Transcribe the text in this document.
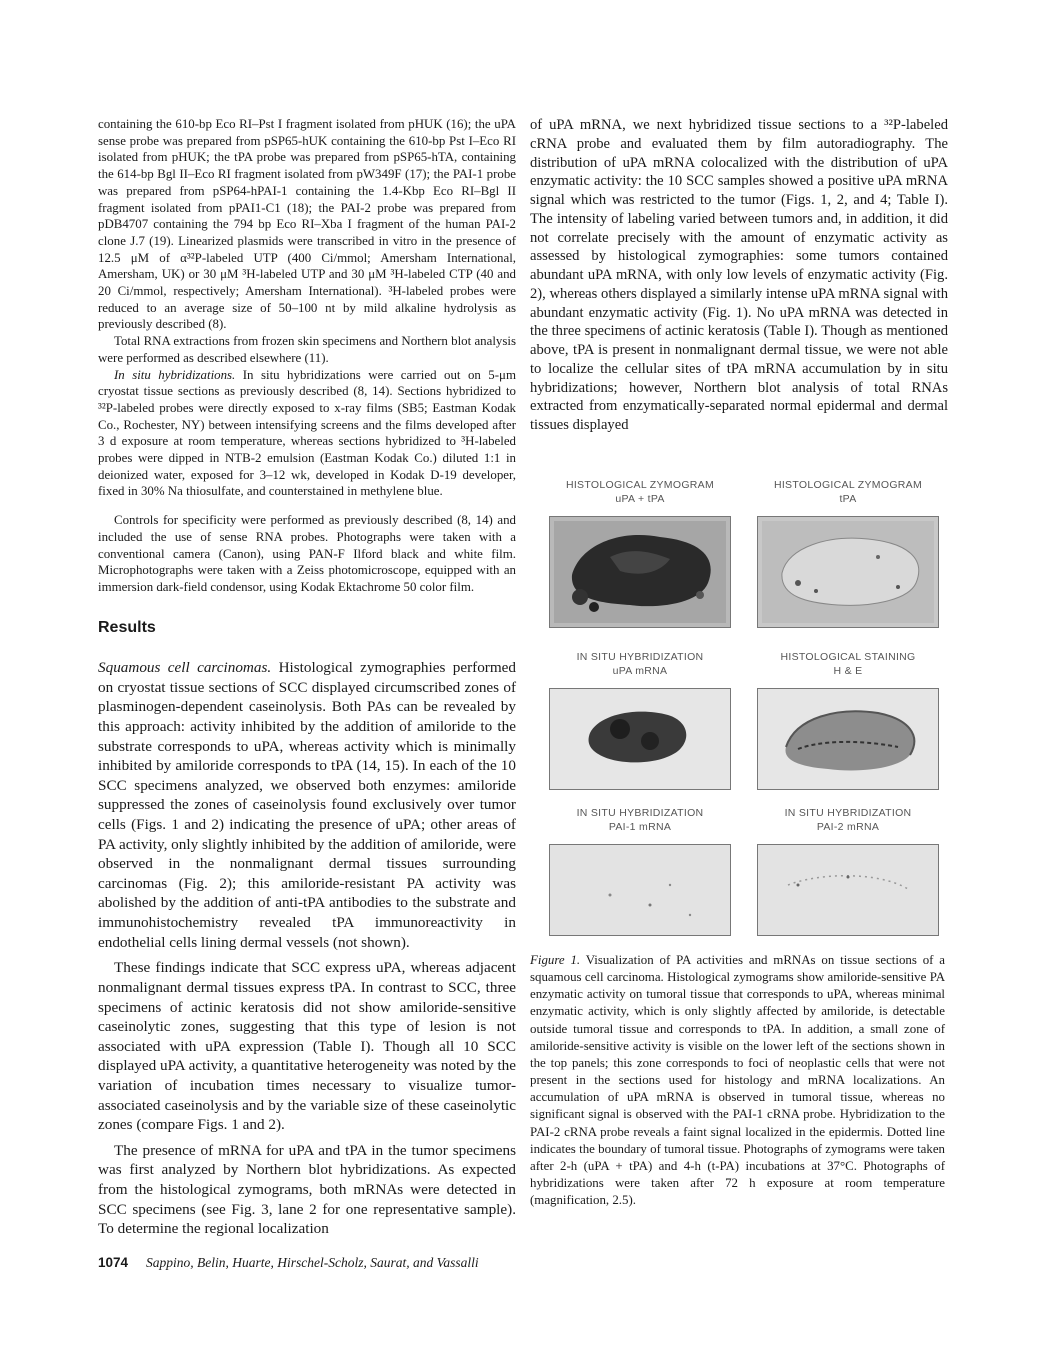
containing the 610-bp Eco RI–Pst I fragment isolated from pHUK (16); the uPA sense probe was prepared from pSP65-hUK containing the 610-bp Pst I–Eco RI isolated from pHUK; the tPA probe was prepared from pSP65-hTA, containing the 614-bp Bgl II–Eco RI fragment isolated from pW349F (17); the PAI-1 probe was prepared from pSP64-hPAI-1 containing the 1.4-Kbp Eco RI–Bgl II fragment isolated from pPAI1-C1 (18); the PAI-2 probe was prepared from pDB4707 containing the 794 bp Eco RI–Xba I fragment of the human PAI-2 clone J.7 (19). Linearized plasmids were transcribed in vitro in the presence of 12.5 μM of α³²P-labeled UTP (400 Ci/mmol; Amersham International, Amersham, UK) or 30 μM ³H-labeled UTP and 30 μM ³H-labeled CTP (40 and 20 Ci/mmol, respectively; Amersham International). ³H-labeled probes were reduced to an average size of 50–100 nt by mild alkaline hydrolysis as previously described (8).

Total RNA extractions from frozen skin specimens and Northern blot analysis were performed as described elsewhere (11).

In situ hybridizations. In situ hybridizations were carried out on 5-μm cryostat tissue sections as previously described (8, 14). Sections hybridized to ³²P-labeled probes were directly exposed to x-ray films (SB5; Eastman Kodak Co., Rochester, NY) between intensifying screens and the films developed after 3 d exposure at room temperature, whereas sections hybridized to ³H-labeled probes were dipped in NTB-2 emulsion (Eastman Kodak Co.) diluted 1:1 in deionized water, exposed for 3–12 wk, developed in Kodak D-19 developer, fixed in 30% Na thiosulfate, and counterstained in methylene blue.

Controls for specificity were performed as previously described (8, 14) and included the use of sense RNA probes. Photographs were taken with a conventional camera (Canon), using PAN-F Ilford black and white film. Microphotographs were taken with a Zeiss photomicroscope, equipped with an immersion dark-field condensor, using Kodak Ektachrome 50 color film.

Results

Squamous cell carcinomas. Histological zymographies performed on cryostat tissue sections of SCC displayed circumscribed zones of plasminogen-dependent caseinolysis. Both PAs can be revealed by this approach: activity inhibited by the addition of amiloride to the substrate corresponds to uPA, whereas activity which is minimally inhibited by amiloride corresponds to tPA (14, 15). In each of the 10 SCC specimens analyzed, we observed both enzymes: amiloride suppressed the zones of caseinolysis found exclusively over tumor cells (Figs. 1 and 2) indicating the presence of uPA; other areas of PA activity, only slightly inhibited by the addition of amiloride, were observed in the nonmalignant dermal tissues surrounding carcinomas (Fig. 2); this amiloride-resistant PA activity was abolished by the addition of anti-tPA antibodies to the substrate and immunohistochemistry revealed tPA immunoreactivity in endothelial cells lining dermal vessels (not shown).

These findings indicate that SCC express uPA, whereas adjacent nonmalignant dermal tissues express tPA. In contrast to SCC, three specimens of actinic keratosis did not show amiloride-sensitive caseinolytic zones, suggesting that this type of lesion is not associated with uPA expression (Table I). Though all 10 SCC displayed uPA activity, a quantitative heterogeneity was noted by the variation of incubation times necessary to visualize tumor-associated caseinolysis and by the variable size of these caseinolytic zones (compare Figs. 1 and 2).

The presence of mRNA for uPA and tPA in the tumor specimens was first analyzed by Northern blot hybridizations. As expected from the histological zymograms, both mRNAs were detected in SCC specimens (see Fig. 3, lane 2 for one representative sample). To determine the regional localization

of uPA mRNA, we next hybridized tissue sections to a ³²P-labeled cRNA probe and evaluated them by film autoradiography. The distribution of uPA mRNA colocalized with the distribution of uPA enzymatic activity: the 10 SCC samples showed a positive uPA mRNA signal which was restricted to the tumor (Figs. 1, 2, and 4; Table I). The intensity of labeling varied between tumors and, in addition, it did not correlate precisely with the amount of enzymatic activity as assessed by histological zymographies: some tumors contained abundant uPA mRNA, with only low levels of enzymatic activity (Fig. 2), whereas others displayed a similarly intense uPA mRNA signal with abundant enzymatic activity (Fig. 1). No uPA mRNA was detected in the three specimens of actinic keratosis (Table I). Though as mentioned above, tPA is present in nonmalignant dermal tissue, we were not able to localize the cellular sites of tPA mRNA accumulation by in situ hybridizations; however, Northern blot analysis of total RNAs extracted from enzymatically-separated normal epidermal and dermal tissues displayed

HISTOLOGICAL ZYMOGRAM
uPA + tPA
HISTOLOGICAL ZYMOGRAM
tPA
IN SITU HYBRIDIZATION
uPA mRNA
HISTOLOGICAL STAINING
H & E
IN SITU HYBRIDIZATION
PAI-1 mRNA
IN SITU HYBRIDIZATION
PAI-2 mRNA
Figure 1. Visualization of PA activities and mRNAs on tissue sections of a squamous cell carcinoma. Histological zymograms show amiloride-sensitive PA enzymatic activity on tumoral tissue that corresponds to uPA, whereas minimal enzymatic activity, which is only slightly affected by amiloride, is detectable outside tumoral tissue and corresponds to tPA. In addition, a small zone of amiloride-sensitive activity is visible on the lower left of the sections shown in the top panels; this zone corresponds to foci of neoplastic cells that were not present in the sections used for histology and mRNA localizations. An accumulation of uPA mRNA is observed in tumoral tissue, whereas no significant signal is observed with the PAI-1 cRNA probe. Hybridization to the PAI-2 cRNA probe reveals a faint signal localized in the epidermis. Dotted line indicates the boundary of tumoral tissue. Photographs of zymograms were taken after 2-h (uPA + tPA) and 4-h (t-PA) incubations at 37°C. Photographs of hybridizations were taken after 72 h exposure at room temperature (magnification, 2.5).
1074 Sappino, Belin, Huarte, Hirschel-Scholz, Saurat, and Vassalli
